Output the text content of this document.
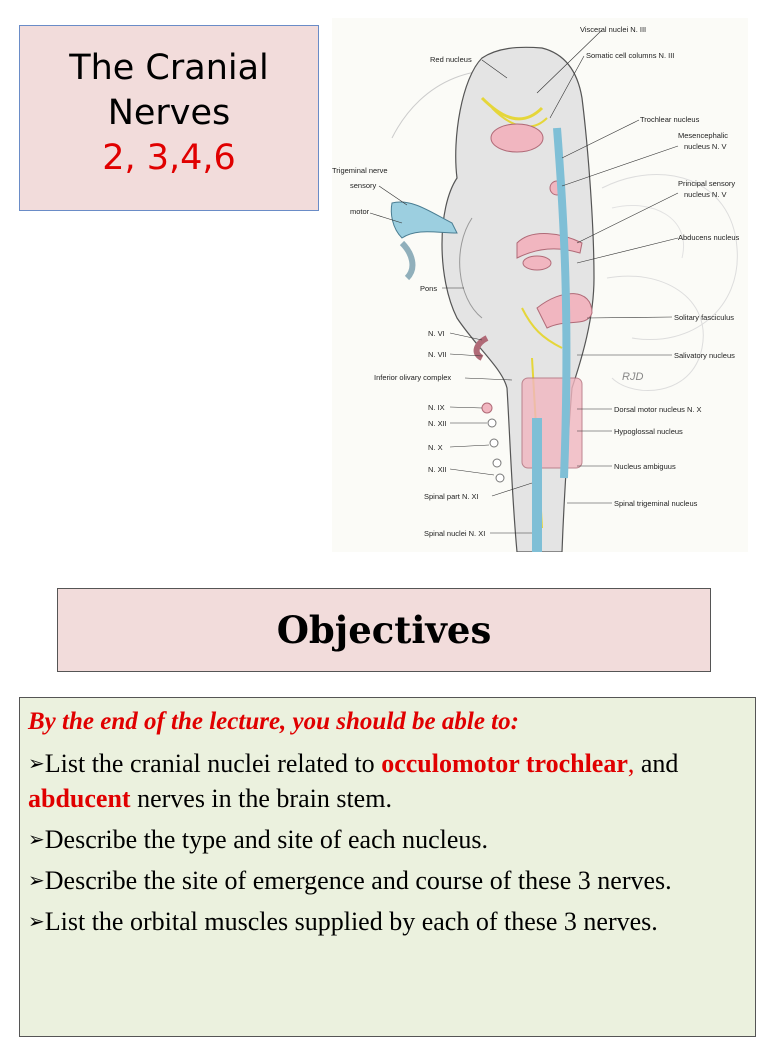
The Cranial
Nerves
2, 3,4,6
Visceral nuclei N. III
Red nucleus	Somatic cell columns N. III
Trochlear nucleus
Mesencephalic
nucleus N. V
Trigeminal nerve
sensory
motor
Principal sensory
nucleus N. V
Abducens nucleus
Pons
Solitary fasciculus
N. VI
N. VII	Salivatory nucleus
Inferior olivary complex
N. IX	Dorsal motor nucleus N. X
N. XII
Hypoglossal nucleus
N. X
Nucleus ambiguus
N. XII
Spinal part N. XI
Spinal trigeminal nucleus
Spinal nuclei N. XI
RJD
Objectives
By the end of the lecture, you should be able to:
➢List the cranial nuclei related to occulomotor trochlear, and abducent nerves in the brain stem.
➢Describe the type and site of each nucleus.
➢Describe the site of emergence and course of these 3 nerves.
➢List the orbital muscles supplied by each of these 3 nerves.
